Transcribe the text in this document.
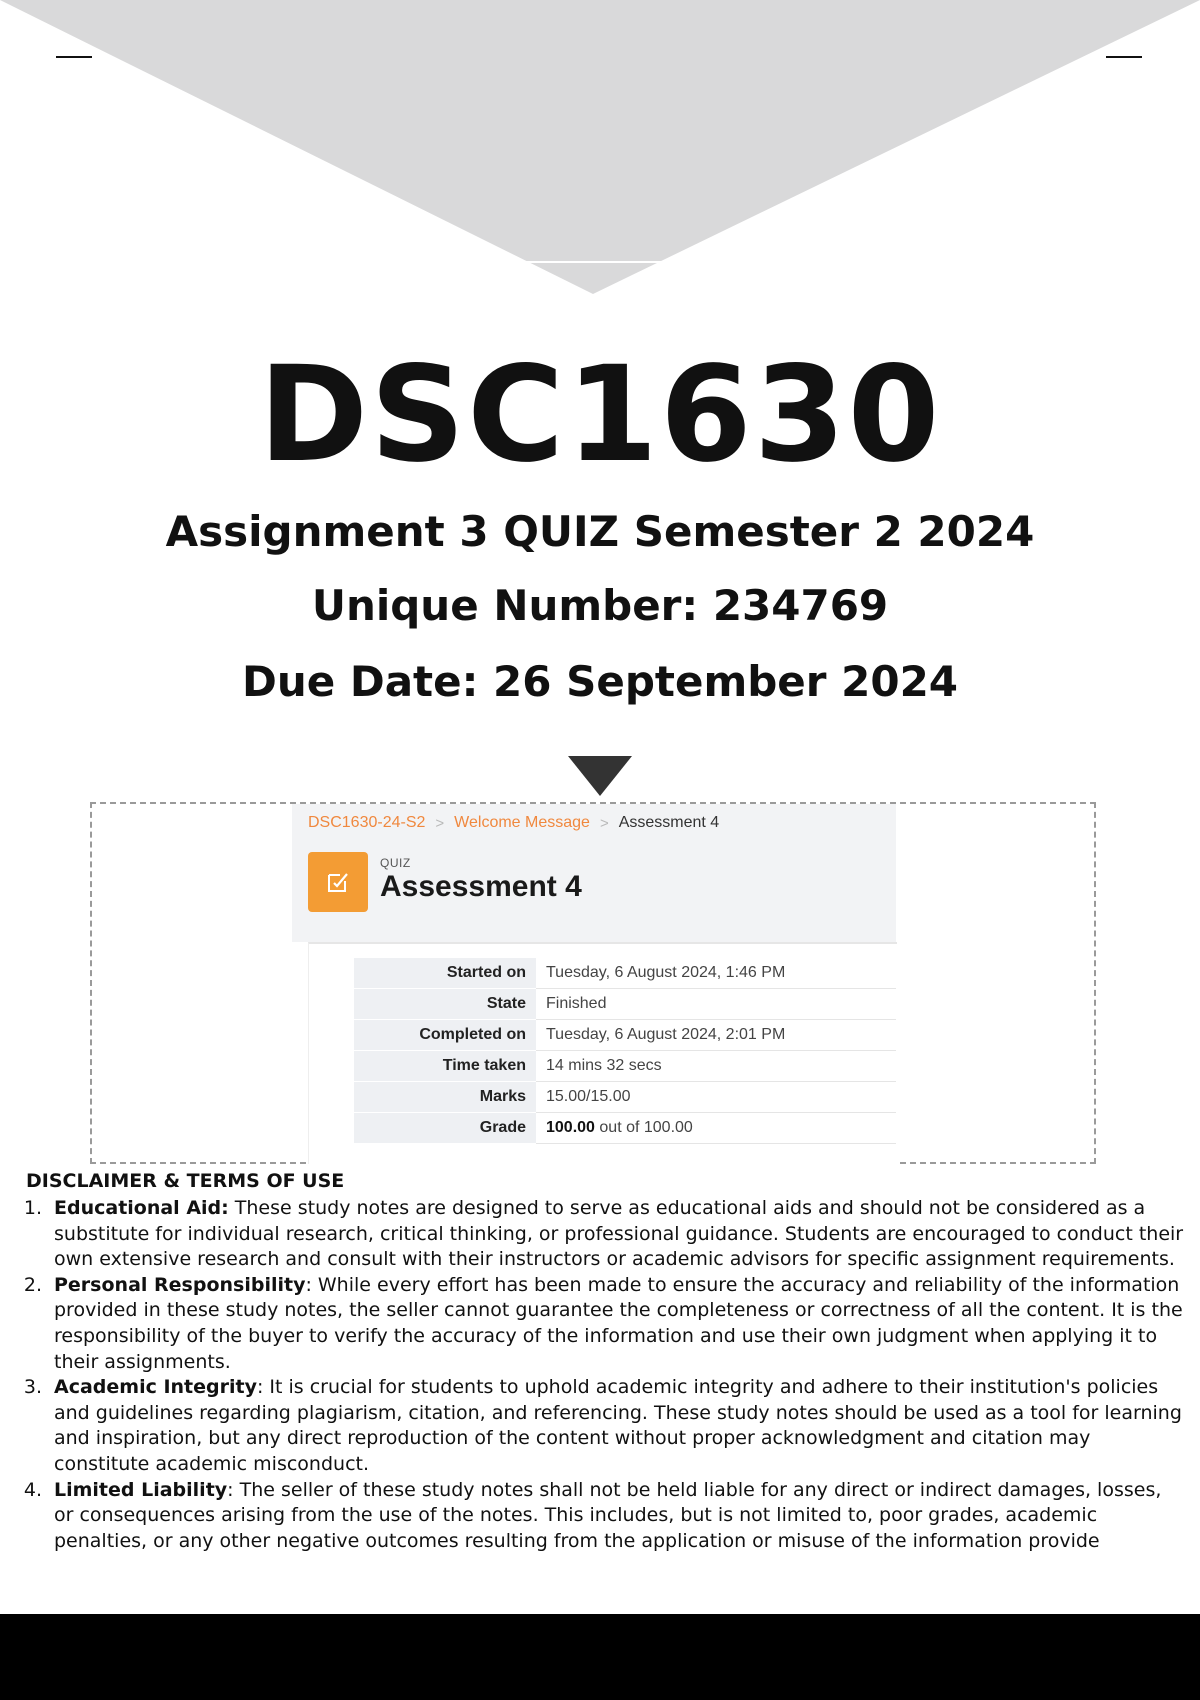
DSC1630
Assignment 3 QUIZ Semester 2 2024
Unique Number: 234769
Due Date: 26 September 2024
DSC1630-24-S2 > Welcome Message > Assessment 4
QUIZ
Assessment 4
Started on	Tuesday, 6 August 2024, 1:46 PM
State	Finished
Completed on	Tuesday, 6 August 2024, 2:01 PM
Time taken	14 mins 32 secs
Marks	15.00/15.00
Grade	100.00 out of 100.00
DISCLAIMER & TERMS OF USE
1. Educational Aid: These study notes are designed to serve as educational aids and should not be considered as a substitute for individual research, critical thinking, or professional guidance. Students are encouraged to conduct their own extensive research and consult with their instructors or academic advisors for specific assignment requirements.
2. Personal Responsibility: While every effort has been made to ensure the accuracy and reliability of the information provided in these study notes, the seller cannot guarantee the completeness or correctness of all the content. It is the responsibility of the buyer to verify the accuracy of the information and use their own judgment when applying it to their assignments.
3. Academic Integrity: It is crucial for students to uphold academic integrity and adhere to their institution's policies and guidelines regarding plagiarism, citation, and referencing. These study notes should be used as a tool for learning and inspiration, but any direct reproduction of the content without proper acknowledgment and citation may constitute academic misconduct.
4. Limited Liability: The seller of these study notes shall not be held liable for any direct or indirect damages, losses, or consequences arising from the use of the notes. This includes, but is not limited to, poor grades, academic penalties, or any other negative outcomes resulting from the application or misuse of the information provide
